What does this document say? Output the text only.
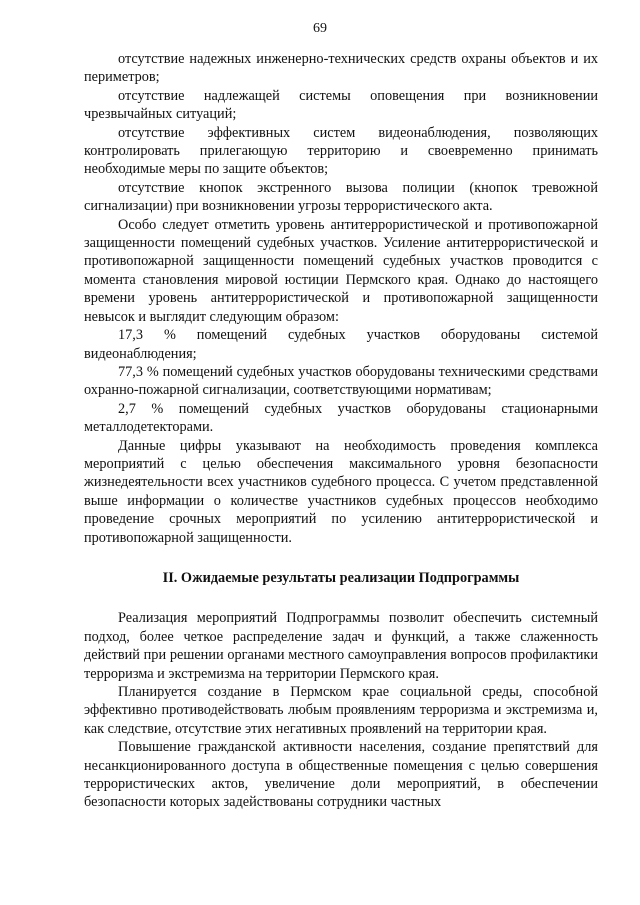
69

отсутствие надежных инженерно-технических средств охраны объектов и их периметров;

отсутствие надлежащей системы оповещения при возникновении чрезвычайных ситуаций;

отсутствие эффективных систем видеонаблюдения, позволяющих контролировать прилегающую территорию и своевременно принимать необходимые меры по защите объектов;

отсутствие кнопок экстренного вызова полиции (кнопок тревожной сигнализации) при возникновении угрозы террористического акта.

Особо следует отметить уровень антитеррористической и противопожарной защищенности помещений судебных участков. Усиление антитеррористической и противопожарной защищенности помещений судебных участков проводится с момента становления мировой юстиции Пермского края. Однако до настоящего времени уровень антитеррористической и противопожарной защищенности невысок и выглядит следующим образом:

17,3 % помещений судебных участков оборудованы системой видеонаблюдения;

77,3 % помещений судебных участков оборудованы техническими средствами охранно-пожарной сигнализации, соответствующими нормативам;

2,7 % помещений судебных участков оборудованы стационарными металлодетекторами.

Данные цифры указывают на необходимость проведения комплекса мероприятий с целью обеспечения максимального уровня безопасности жизнедеятельности всех участников судебного процесса. С учетом представленной выше информации о количестве участников судебных процессов необходимо проведение срочных мероприятий по усилению антитеррористической и противопожарной защищенности.

II. Ожидаемые результаты реализации Подпрограммы

Реализация мероприятий Подпрограммы позволит обеспечить системный подход, более четкое распределение задач и функций, а также слаженность действий при решении органами местного самоуправления вопросов профилактики терроризма и экстремизма на территории Пермского края.

Планируется создание в Пермском крае социальной среды, способной эффективно противодействовать любым проявлениям терроризма и экстремизма и, как следствие, отсутствие этих негативных проявлений на территории края.

Повышение гражданской активности населения, создание препятствий для несанкционированного доступа в общественные помещения с целью совершения террористических актов, увеличение доли мероприятий, в обеспечении безопасности которых задействованы сотрудники частных
